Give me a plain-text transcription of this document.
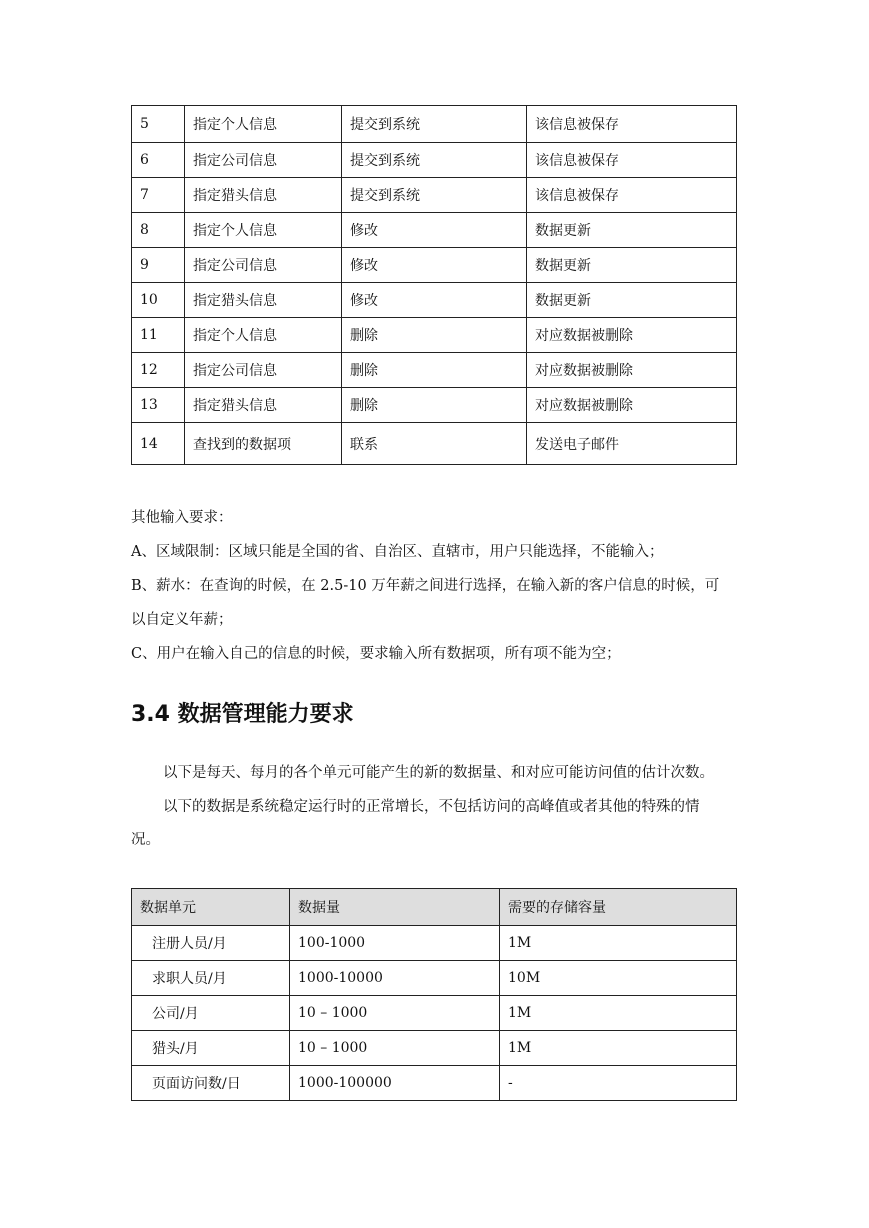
5	指定个人信息	提交到系统	该信息被保存
6	指定公司信息	提交到系统	该信息被保存
7	指定猎头信息	提交到系统	该信息被保存
8	指定个人信息	修改	数据更新
9	指定公司信息	修改	数据更新
10	指定猎头信息	修改	数据更新
11	指定个人信息	删除	对应数据被删除
12	指定公司信息	删除	对应数据被删除
13	指定猎头信息	删除	对应数据被删除
14	查找到的数据项	联系	发送电子邮件

其他输入要求：

A、区域限制：区域只能是全国的省、自治区、直辖市，用户只能选择，不能输入；

B、薪水：在查询的时候，在 2.5-10 万年薪之间进行选择，在输入新的客户信息的时候，可

以自定义年薪；

C、用户在输入自己的信息的时候，要求输入所有数据项，所有项不能为空；

3.4 数据管理能力要求

以下是每天、每月的各个单元可能产生的新的数据量、和对应可能访问值的估计次数。

以下的数据是系统稳定运行时的正常增长，不包括访问的高峰值或者其他的特殊的情

况。

数据单元	数据量	需要的存储容量
注册人员/月	100-1000	1M
求职人员/月	1000-10000	10M
公司/月	10 – 1000	1M
猎头/月	10 – 1000	1M
页面访问数/日	1000-100000	-
